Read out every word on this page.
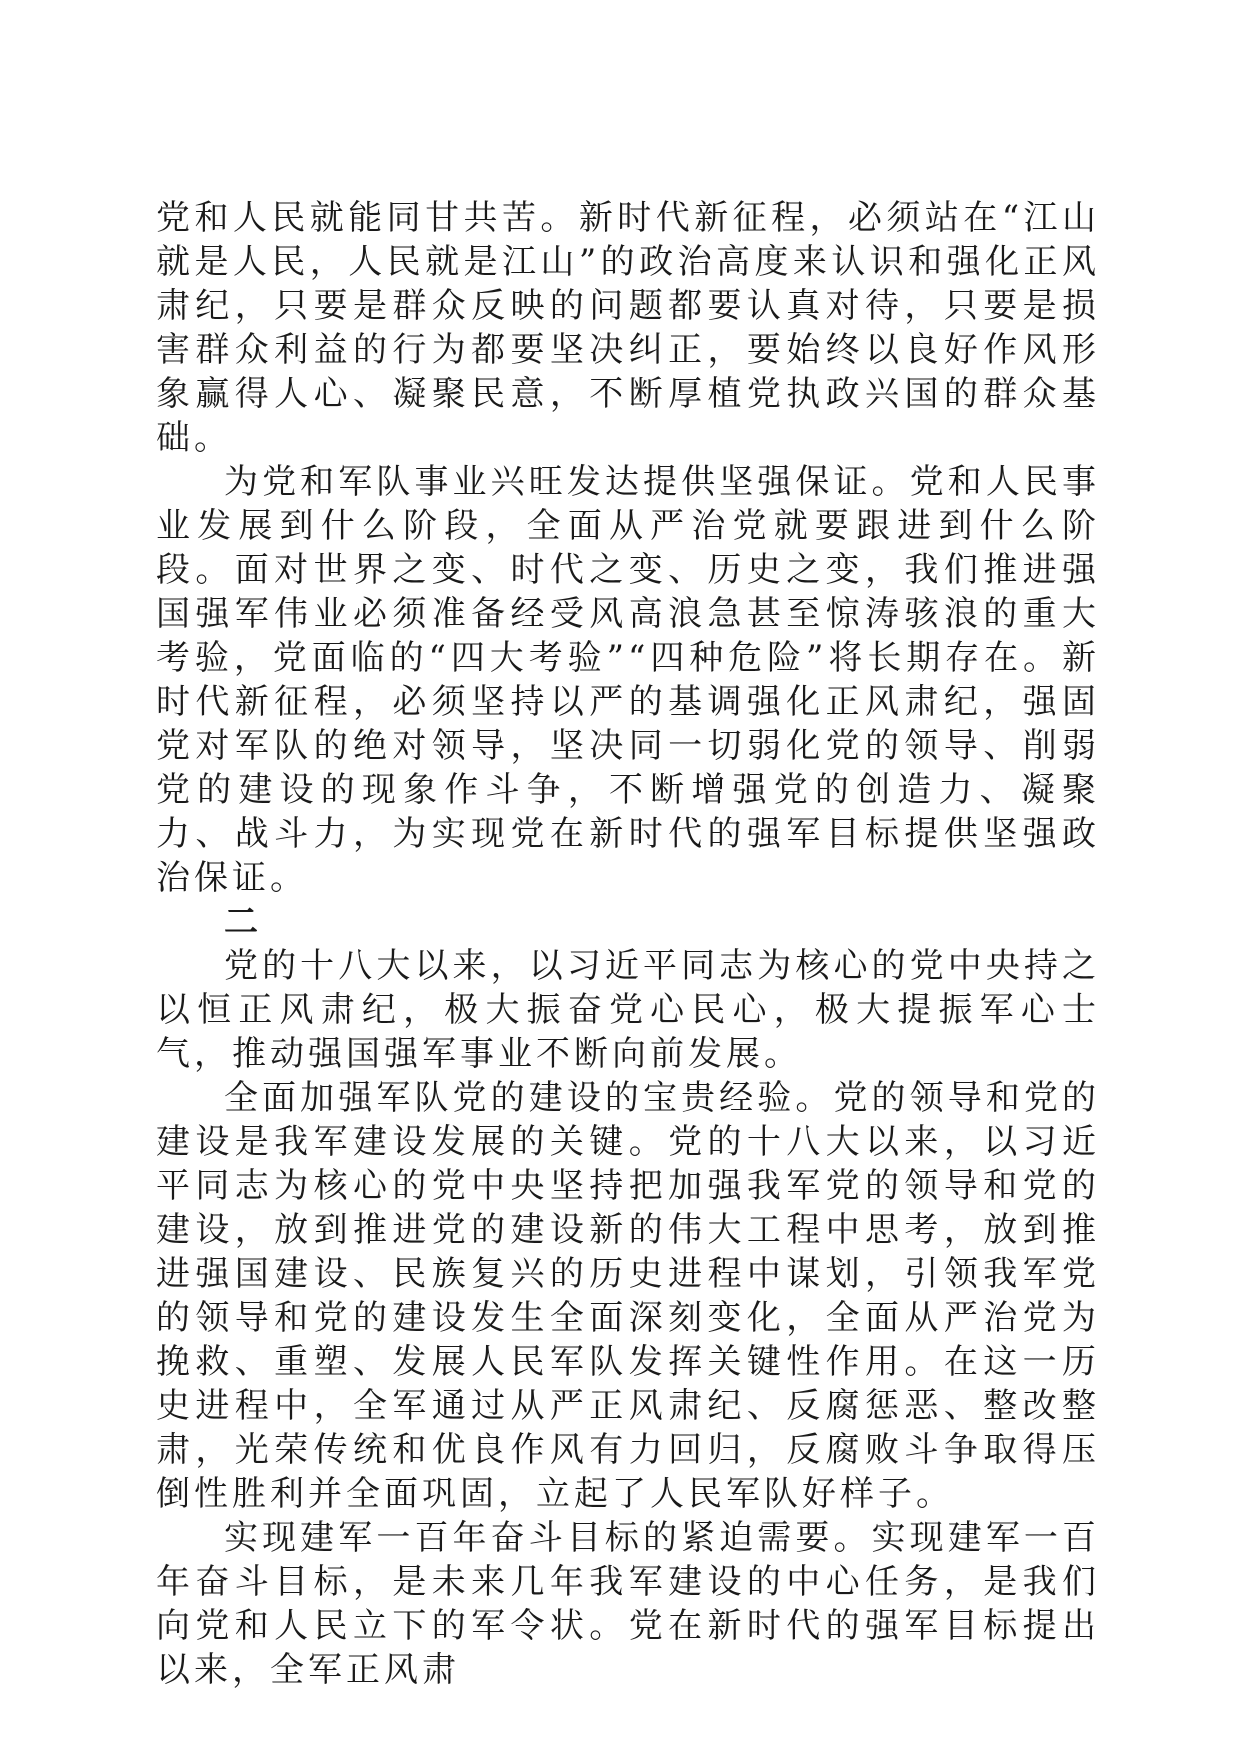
党和人民就能同甘共苦。新时代新征程，必须站在“江山就是人民，人民就是江山”的政治高度来认识和强化正风肃纪，只要是群众反映的问题都要认真对待，只要是损害群众利益的行为都要坚决纠正，要始终以良好作风形象赢得人心、凝聚民意，不断厚植党执政兴国的群众基础。

为党和军队事业兴旺发达提供坚强保证。党和人民事业发展到什么阶段，全面从严治党就要跟进到什么阶段。面对世界之变、时代之变、历史之变，我们推进强国强军伟业必须准备经受风高浪急甚至惊涛骇浪的重大考验，党面临的“四大考验”“四种危险”将长期存在。新时代新征程，必须坚持以严的基调强化正风肃纪，强固党对军队的绝对领导，坚决同一切弱化党的领导、削弱党的建设的现象作斗争，不断增强党的创造力、凝聚力、战斗力，为实现党在新时代的强军目标提供坚强政治保证。

二

党的十八大以来，以习近平同志为核心的党中央持之以恒正风肃纪，极大振奋党心民心，极大提振军心士气，推动强国强军事业不断向前发展。

全面加强军队党的建设的宝贵经验。党的领导和党的建设是我军建设发展的关键。党的十八大以来，以习近平同志为核心的党中央坚持把加强我军党的领导和党的建设，放到推进党的建设新的伟大工程中思考，放到推进强国建设、民族复兴的历史进程中谋划，引领我军党的领导和党的建设发生全面深刻变化，全面从严治党为挽救、重塑、发展人民军队发挥关键性作用。在这一历史进程中，全军通过从严正风肃纪、反腐惩恶、整改整肃，光荣传统和优良作风有力回归，反腐败斗争取得压倒性胜利并全面巩固，立起了人民军队好样子。

实现建军一百年奋斗目标的紧迫需要。实现建军一百年奋斗目标，是未来几年我军建设的中心任务，是我们向党和人民立下的军令状。党在新时代的强军目标提出以来，全军正风肃
